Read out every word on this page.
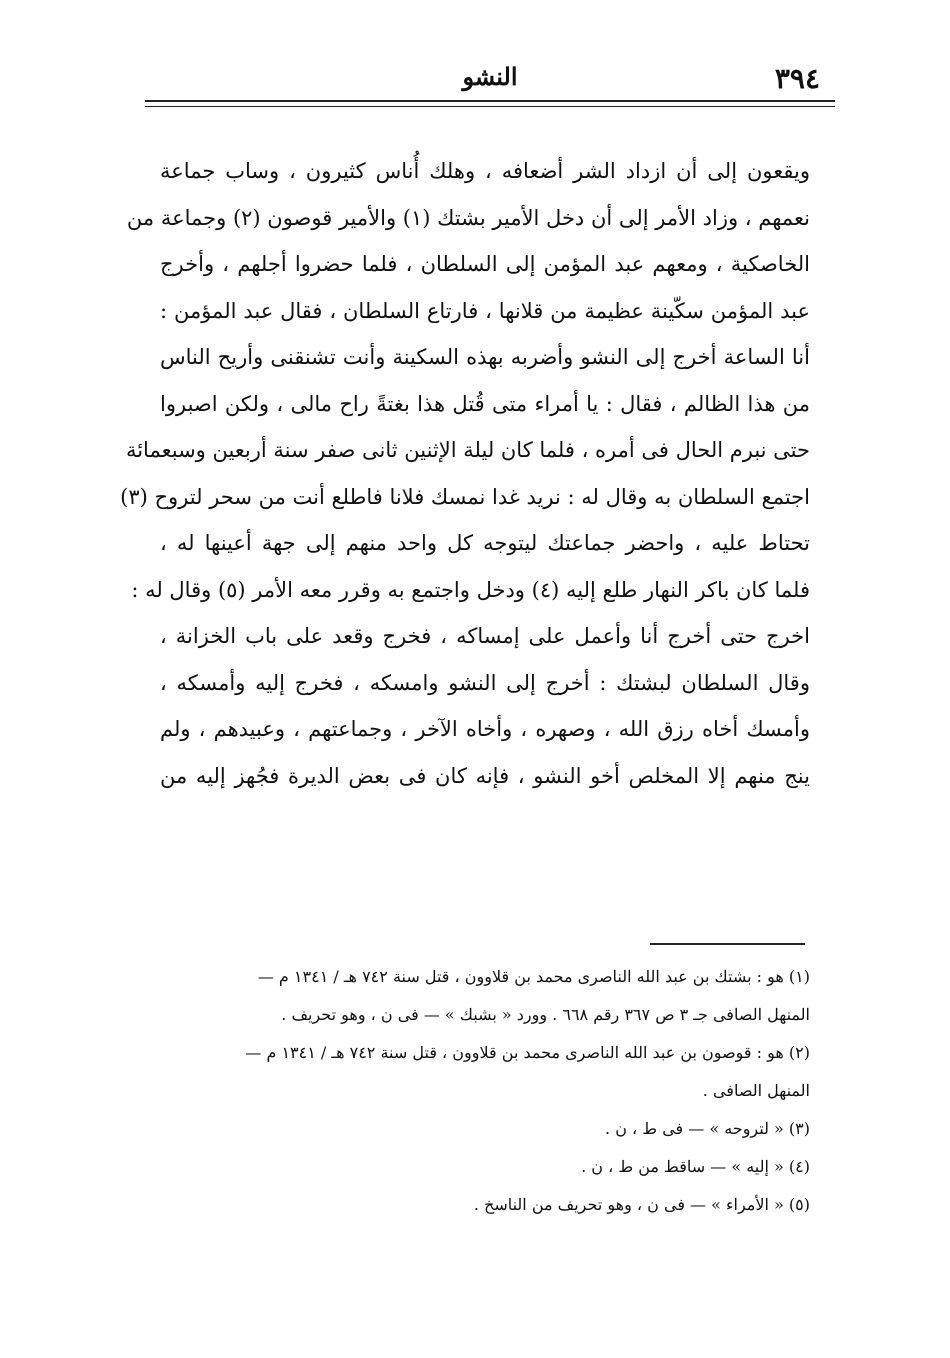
٣٩٤
النشو
ويقعون إلى أن ازداد الشر أضعافه ، وهلك أُناس كثيرون ، وساب جماعة
نعمهم ، وزاد الأمر إلى أن دخل الأمير بشتك (١) والأمير قوصون (٢) وجماعة من
الخاصكية ، ومعهم عبد المؤمن إلى السلطان ، فلما حضروا أجلهم ، وأخرج
عبد المؤمن سكّينة عظيمة من قلانها ، فارتاع السلطان ، فقال عبد المؤمن :
أنا الساعة أخرج إلى النشو وأضربه بهذه السكينة وأنت تشنقنى وأريح الناس
من هذا الظالم ، فقال : يا أمراء متى قُتل هذا بغتةً راح مالى ، ولكن اصبروا
حتى نبرم الحال فى أمره ، فلما كان ليلة الإثنين ثانى صفر سنة أربعين وسبعمائة
اجتمع السلطان به وقال له : نريد غدا نمسك فلانا فاطلع أنت من سحر لتروح (٣)
تحتاط عليه ، واحضر جماعتك ليتوجه كل واحد منهم إلى جهة أعينها له ،
فلما كان باكر النهار طلع إليه (٤) ودخل واجتمع به وقرر معه الأمر (٥) وقال له :
اخرج حتى أخرج أنا وأعمل على إمساكه ، فخرج وقعد على باب الخزانة ،
وقال السلطان لبشتك : أخرج إلى النشو وامسكه ، فخرج إليه وأمسكه ،
وأمسك أخاه رزق الله ، وصهره ، وأخاه الآخر ، وجماعتهم ، وعبيدهم ، ولم
ينج منهم إلا المخلص أخو النشو ، فإنه كان فى بعض الديرة فجُهز إليه من
(١) هو : بشتك بن عبد الله الناصرى محمد بن قلاوون ، قتل سنة ٧٤٢ هـ / ١٣٤١ م —
المنهل الصافى جـ ٣ ص ٣٦٧ رقم ٦٦٨ . وورد « بشبك » — فى ن ، وهو تحريف .
(٢) هو : قوصون بن عبد الله الناصرى محمد بن قلاوون ، قتل سنة ٧٤٢ هـ / ١٣٤١ م —
المنهل الصافى .
(٣) « لتروحه » — فى ط ، ن .
(٤) « إليه » — ساقط من ط ، ن .
(٥) « الأمراء » — فى ن ، وهو تحريف من الناسخ .
